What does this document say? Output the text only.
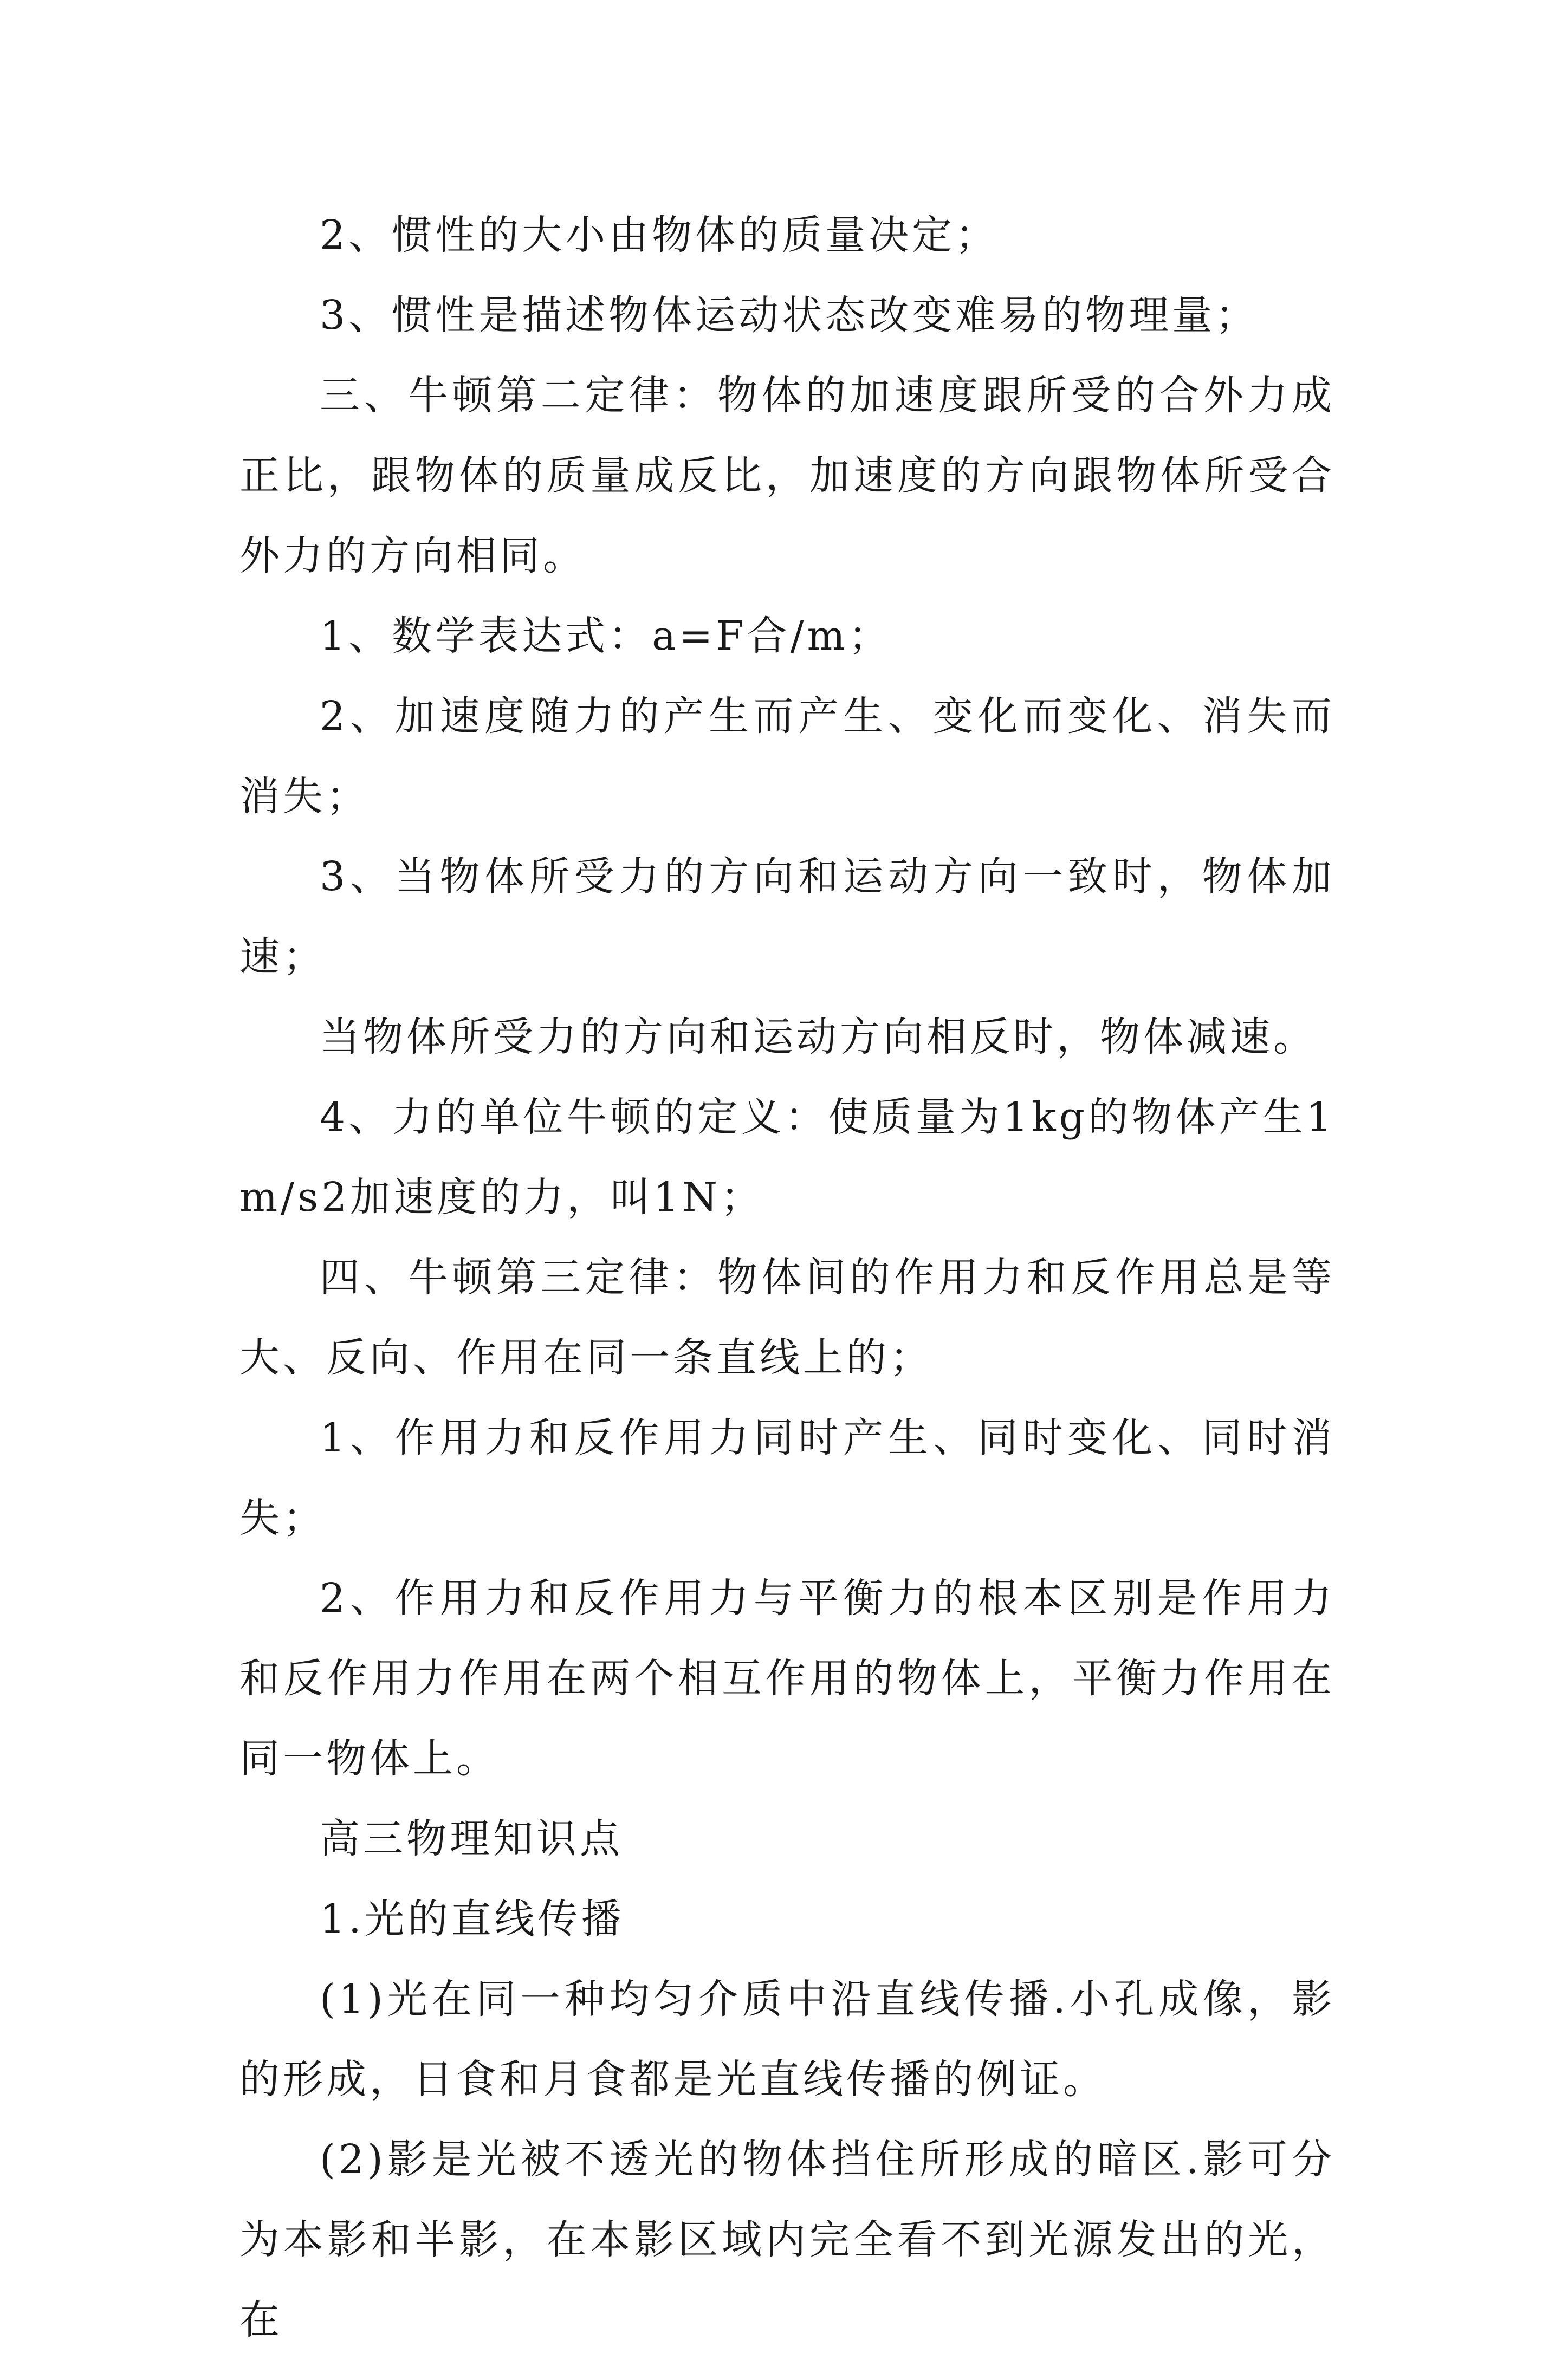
2、惯性的大小由物体的质量决定；

3、惯性是描述物体运动状态改变难易的物理量；

三、牛顿第二定律：物体的加速度跟所受的合外力成正比，跟物体的质量成反比，加速度的方向跟物体所受合外力的方向相同。

1、数学表达式：a=F合/m；

2、加速度随力的产生而产生、变化而变化、消失而消失；

3、当物体所受力的方向和运动方向一致时，物体加速；

当物体所受力的方向和运动方向相反时，物体减速。

4、力的单位牛顿的定义：使质量为1kg的物体产生1m/s2加速度的力，叫1N；

四、牛顿第三定律：物体间的作用力和反作用总是等大、反向、作用在同一条直线上的；

1、作用力和反作用力同时产生、同时变化、同时消失；

2、作用力和反作用力与平衡力的根本区别是作用力和反作用力作用在两个相互作用的物体上，平衡力作用在同一物体上。

高三物理知识点

1.光的直线传播

(1)光在同一种均匀介质中沿直线传播.小孔成像，影的形成，日食和月食都是光直线传播的例证。

(2)影是光被不透光的物体挡住所形成的暗区.影可分为本影和半影，在本影区域内完全看不到光源发出的光，在
